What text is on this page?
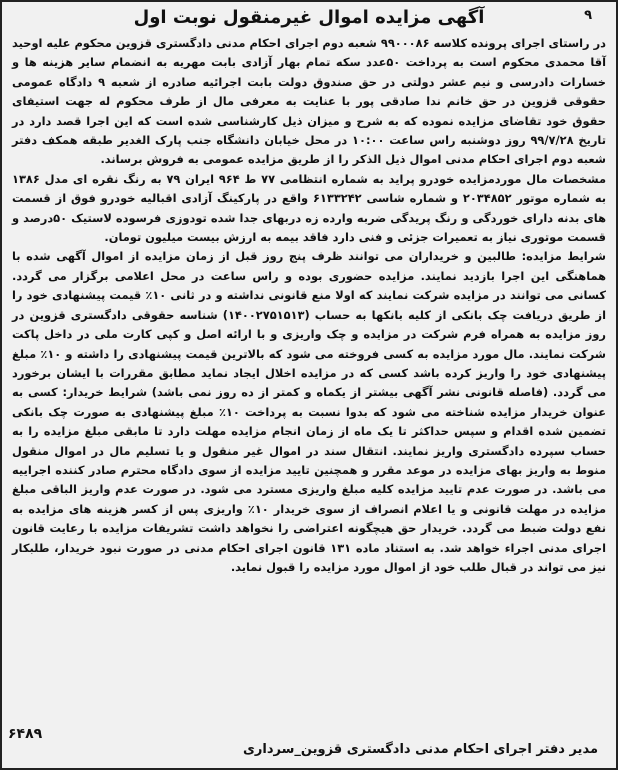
۹
آگهی مزایده اموال غیرمنقول نوبت اول

در راستای اجرای پرونده کلاسه ۹۹۰۰۰۸۶ شعبه دوم اجرای احکام مدنی دادگستری قزوین محکوم علیه اوحید آقا محمدی محکوم است به پرداخت ۵۰عدد سکه تمام بهار آزادی بابت مهریه به انضمام سایر هزینه ها و خسارات دادرسی و نیم عشر دولتی در حق صندوق دولت بابت اجرائیه صادره از شعبه ۹ دادگاه عمومی حقوقی قزوین در حق خانم ندا صادقی پور با عنایت به معرفی مال از طرف محکوم له جهت استیفای حقوق خود تقاضای مزایده نموده که به شرح و میزان ذیل کارشناسی شده است که این اجرا قصد دارد در تاریخ ۹۹/۷/۲۸ روز دوشنبه راس ساعت ۱۰:۰۰ در محل خیابان دانشگاه جنب پارک الغدیر طبقه همکف دفتر شعبه دوم اجرای احکام مدنی اموال ذیل الذکر را از طریق مزایده عمومی به فروش برساند.

مشخصات مال موردمزایده خودرو پراید به شماره انتظامی ۷۷ ط ۹۶۴ ایران ۷۹ به رنگ نقره ای مدل ۱۳۸۶ به شماره موتور ۲۰۳۴۸۵۲ و شماره شاسی ۶۱۳۳۲۴۲ واقع در پارکینگ آزادی اقبالیه خودرو فوق از قسمت های بدنه دارای خوردگی و رنگ پریدگی ضربه وارده زه دربهای جدا شده تودوزی فرسوده لاستیک ۵۰درصد و قسمت موتوری نیاز به تعمیرات جزئی و فنی دارد فاقد بیمه به ارزش بیست میلیون تومان.

شرایط مزایده: طالبین و خریداران می توانند ظرف پنج روز قبل از زمان مزایده از اموال آگهی شده با هماهنگی این اجرا بازدید نمایند. مزایده حضوری بوده و راس ساعت در محل اعلامی برگزار می گردد. کسانی می توانند در مزایده شرکت نمایند که اولا منع قانونی نداشته و در ثانی ۱۰٪ قیمت پیشنهادی خود را از طریق دریافت چک بانکی از کلیه بانکها به حساب (۱۴۰۰۲۷۵۱۵۱۳) شناسه حقوقی دادگستری قزوین در روز مزایده به همراه فرم شرکت در مزایده و چک واریزی و با ارائه اصل و کپی کارت ملی در داخل پاکت شرکت نمایند. مال مورد مزایده به کسی فروخته می شود که بالاترین قیمت پیشنهادی را داشته و ۱۰٪ مبلغ پیشنهادی خود را واریز کرده باشد کسی که در مزایده اخلال ایجاد نماید مطابق مقررات با ایشان برخورد می گردد. (فاصله قانونی نشر آگهی بیشتر از یکماه و کمتر از ده روز نمی باشد) شرایط خریدار: کسی به عنوان خریدار مزایده شناخته می شود که بدوا نسبت به پرداخت ۱۰٪ مبلغ پیشنهادی به صورت چک بانکی تضمین شده اقدام و سپس حداکثر تا یک ماه از زمان انجام مزایده مهلت دارد تا مابقی مبلغ مزایده را به حساب سپرده دادگستری واریز نمایند. انتقال سند در اموال غیر منقول و یا تسلیم مال در اموال منقول منوط به واریز بهای مزایده در موعد مقرر و همچنین تایید مزایده از سوی دادگاه محترم صادر کننده اجراییه می باشد. در صورت عدم تایید مزایده کلیه مبلغ واریزی مسترد می شود. در صورت عدم واریز الباقی مبلغ مزایده در مهلت قانونی و یا اعلام انصراف از سوی خریدار ۱۰٪ واریزی پس از کسر هزینه های مزایده به نفع دولت ضبط می گردد. خریدار حق هیچگونه اعتراضی را نخواهد داشت تشریفات مزایده با رعایت قانون اجرای مدنی اجراء خواهد شد. به استناد ماده ۱۳۱ قانون اجرای احکام مدنی در صورت نبود خریدار، طلبکار نیز می تواند در قبال طلب خود از اموال مورد مزایده را قبول نماید.

۶۴۸۹
مدیر دفتر اجرای احکام مدنی دادگستری قزوین_سرداری
